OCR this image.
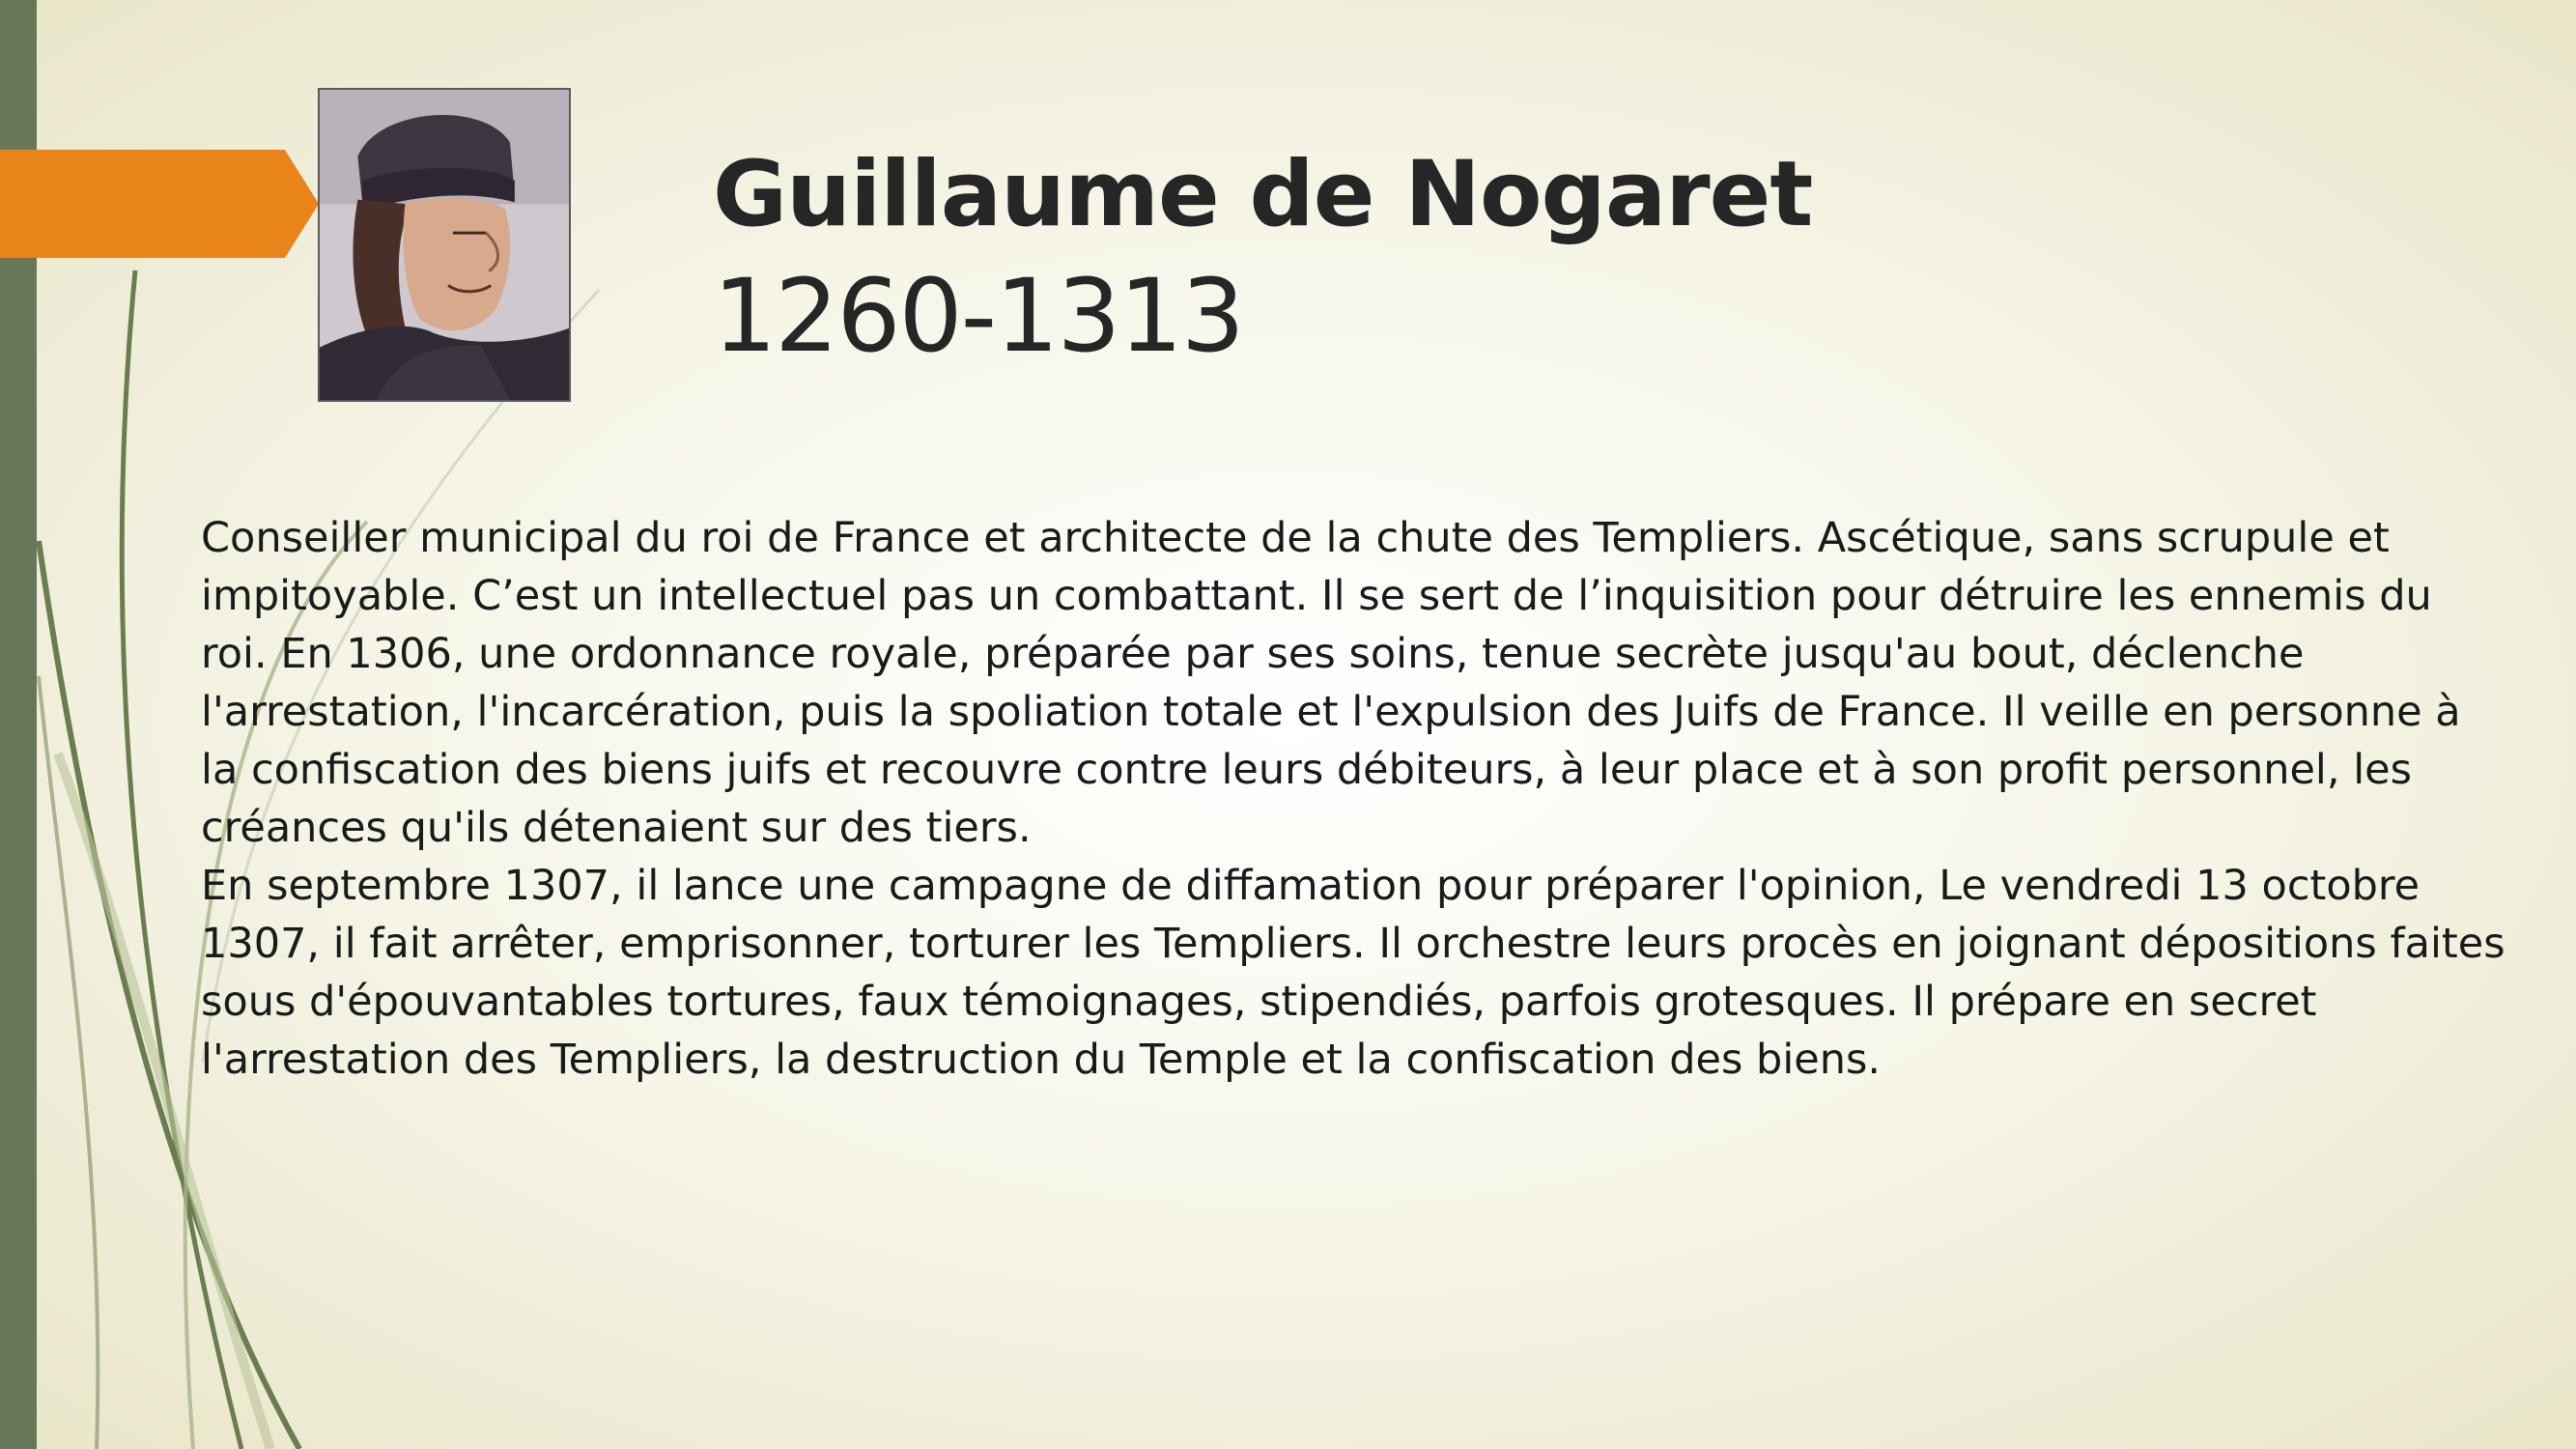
Guillaume de Nogaret
1260-1313

Conseiller municipal du roi de France et architecte de la chute des Templiers. Ascétique, sans scrupule et impitoyable. C’est un intellectuel pas un combattant. Il se sert de l’inquisition pour détruire les ennemis du roi. En 1306, une ordonnance royale, préparée par ses soins, tenue secrète jusqu'au bout, déclenche l'arrestation, l'incarcération, puis la spoliation totale et l'expulsion des Juifs de France. Il veille en personne à la confiscation des biens juifs et recouvre contre leurs débiteurs, à leur place et à son profit personnel, les créances qu'ils détenaient sur des tiers.

En septembre 1307, il lance une campagne de diffamation pour préparer l'opinion, Le vendredi 13 octobre 1307, il fait arrêter, emprisonner, torturer les Templiers. Il orchestre leurs procès en joignant dépositions faites sous d'épouvantables tortures, faux témoignages, stipendiés, parfois grotesques. Il prépare en secret l'arrestation des Templiers, la destruction du Temple et la confiscation des biens.
